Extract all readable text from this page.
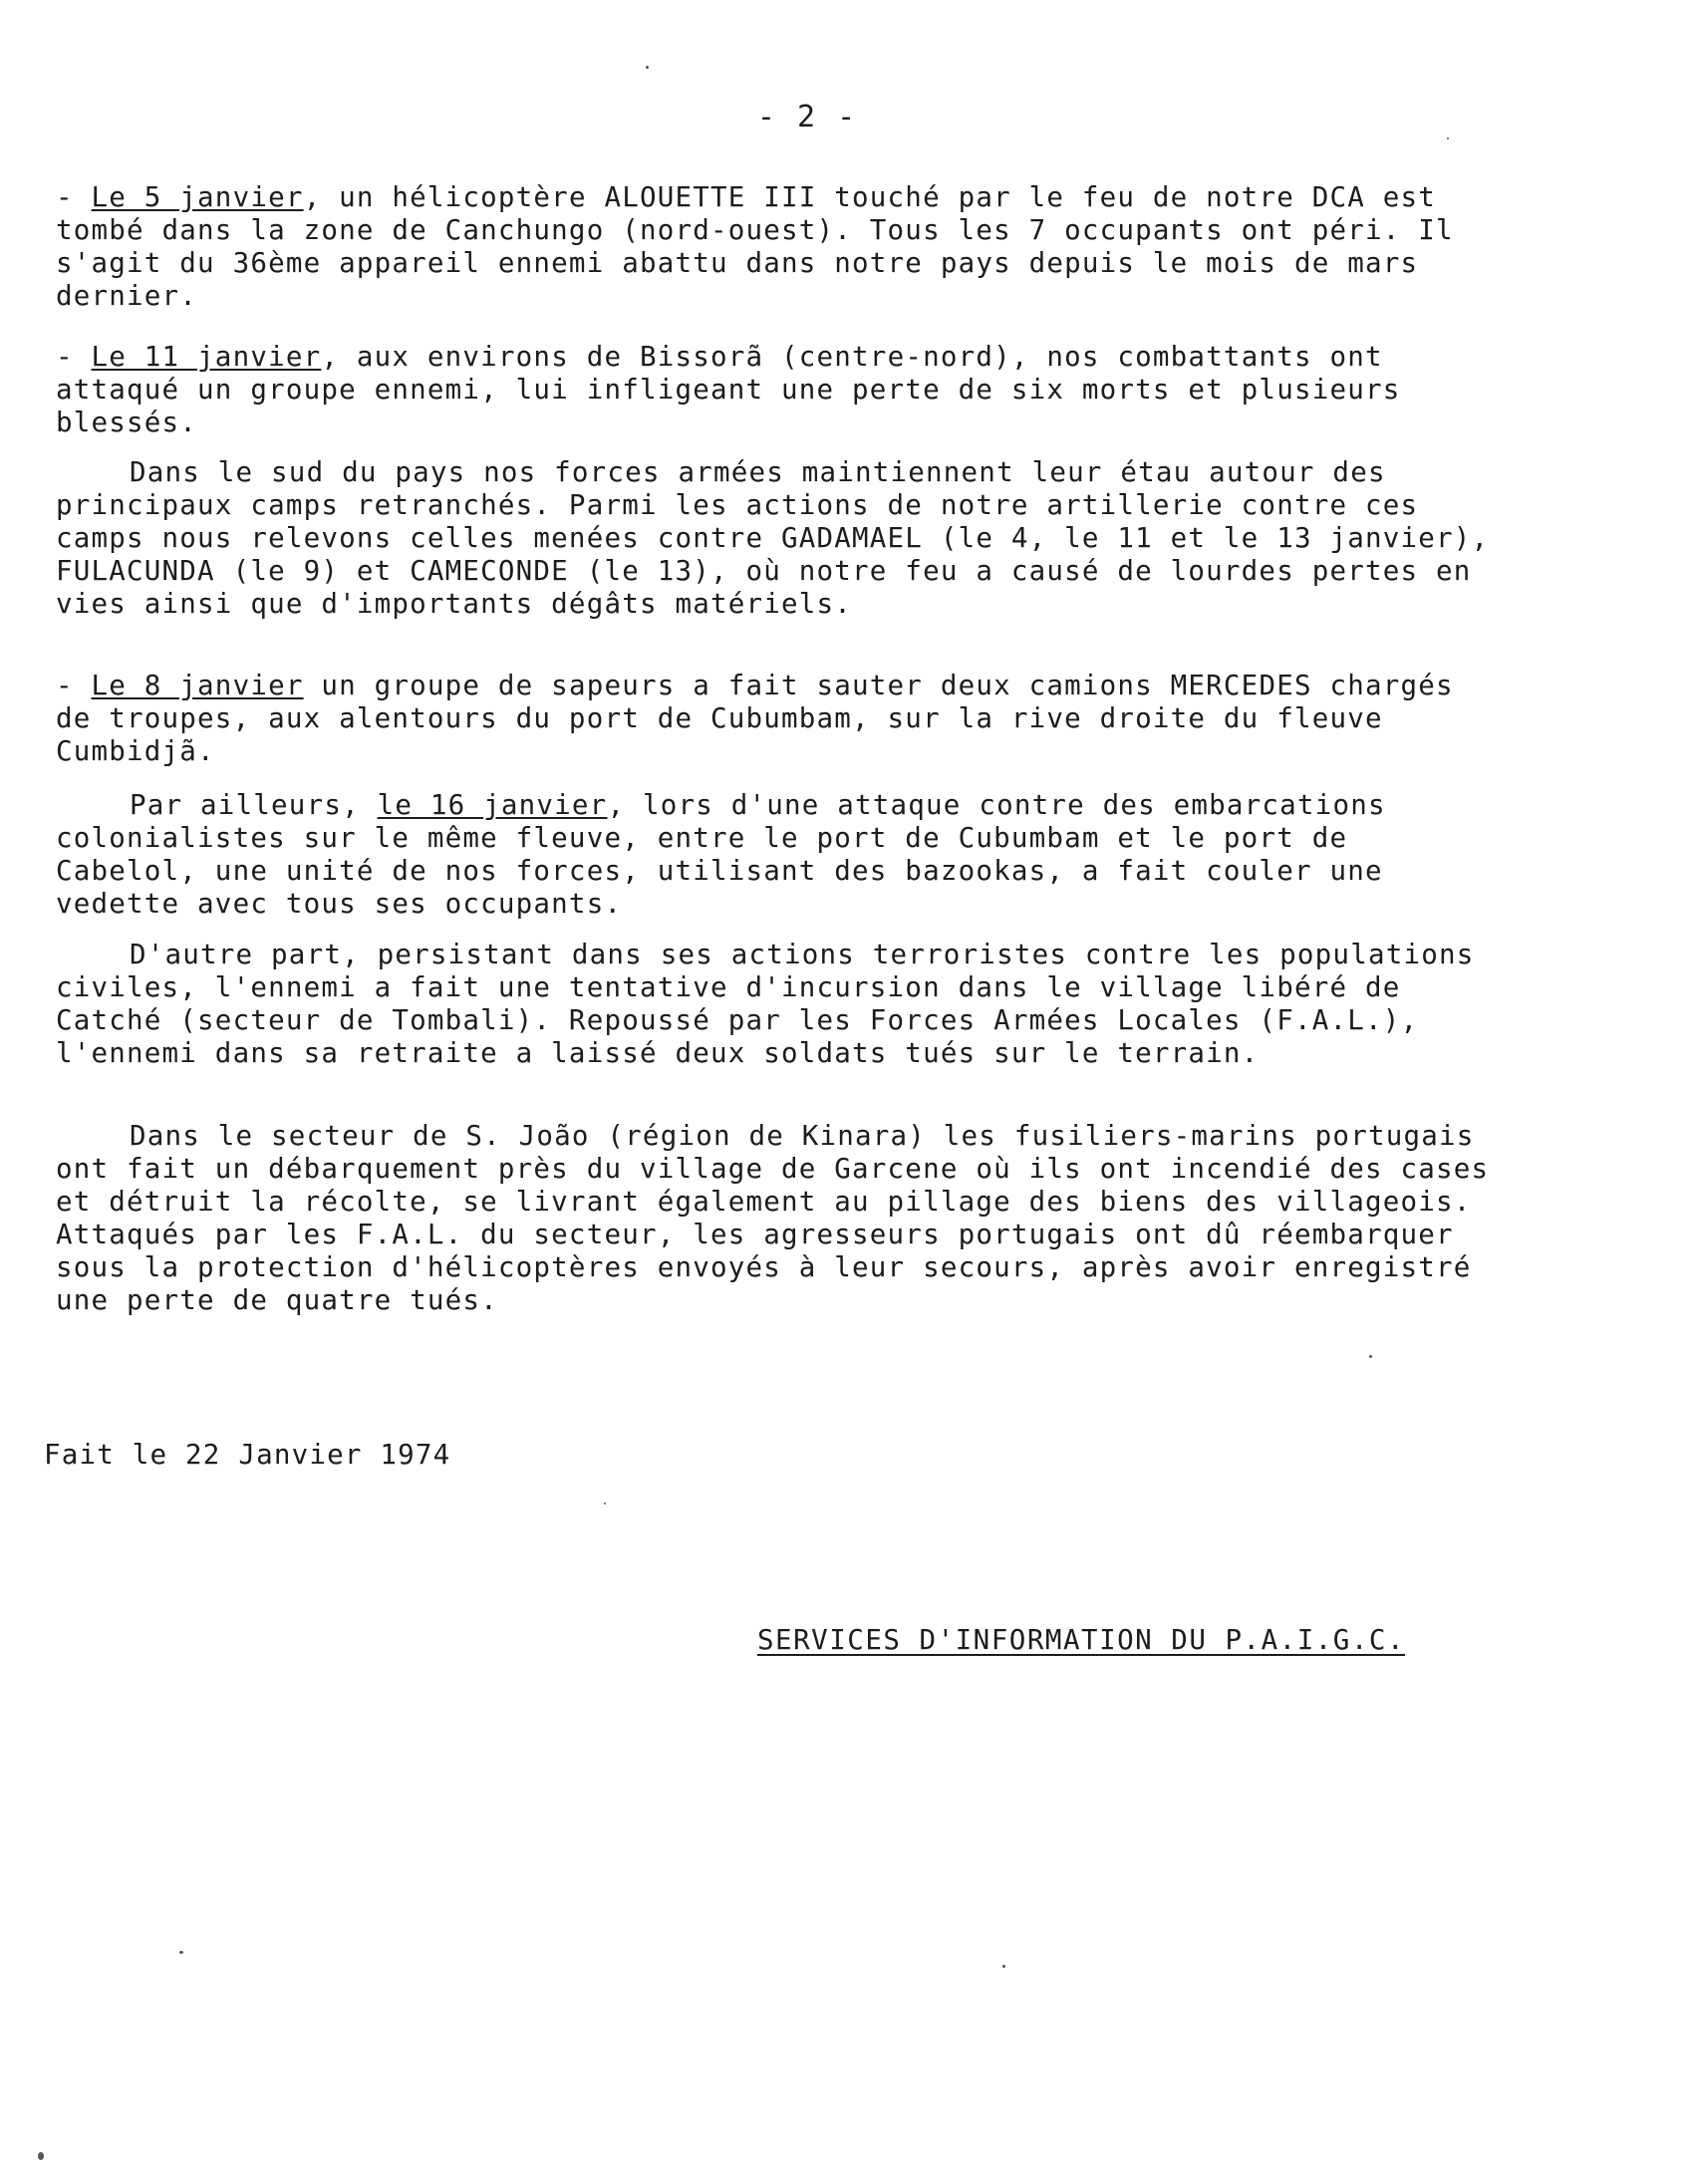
- 2 -

- Le 5 janvier, un hélicoptère ALOUETTE III touché par le feu de notre DCA est tombé dans la zone de Canchungo (nord-ouest). Tous les 7 occupants ont péri. Il s'agit du 36ème appareil ennemi abattu dans notre pays depuis le mois de mars dernier.

- Le 11 janvier, aux environs de Bissorã (centre-nord), nos combattants ont attaqué un groupe ennemi, lui infligeant une perte de six morts et plusieurs blessés.

Dans le sud du pays nos forces armées maintiennent leur étau autour des principaux camps retranchés. Parmi les actions de notre artillerie contre ces camps nous relevons celles menées contre GADAMAEL (le 4, le 11 et le 13 janvier), FULACUNDA (le 9) et CAMECONDE (le 13), où notre feu a causé de lourdes pertes en vies ainsi que d'importants dégâts matériels.

- Le 8 janvier un groupe de sapeurs a fait sauter deux camions MERCEDES chargés de troupes, aux alentours du port de Cubumbam, sur la rive droite du fleuve Cumbidjã.

Par ailleurs, le 16 janvier, lors d'une attaque contre des embarcations colonialistes sur le même fleuve, entre le port de Cubumbam et le port de Cabelol, une unité de nos forces, utilisant des bazookas, a fait couler une vedette avec tous ses occupants.

D'autre part, persistant dans ses actions terroristes contre les populations civiles, l'ennemi a fait une tentative d'incursion dans le village libéré de Catché (secteur de Tombali). Repoussé par les Forces Armées Locales (F.A.L.), l'ennemi dans sa retraite a laissé deux soldats tués sur le terrain.

Dans le secteur de S. João (région de Kinara) les fusiliers-marins portugais ont fait un débarquement près du village de Garcene où ils ont incendié des cases et détruit la récolte, se livrant également au pillage des biens des villageois. Attaqués par les F.A.L. du secteur, les agresseurs portugais ont dû réembarquer sous la protection d'hélicoptères envoyés à leur secours, après avoir enregistré une perte de quatre tués.

Fait le 22 Janvier 1974
SERVICES D'INFORMATION DU P.A.I.G.C.
